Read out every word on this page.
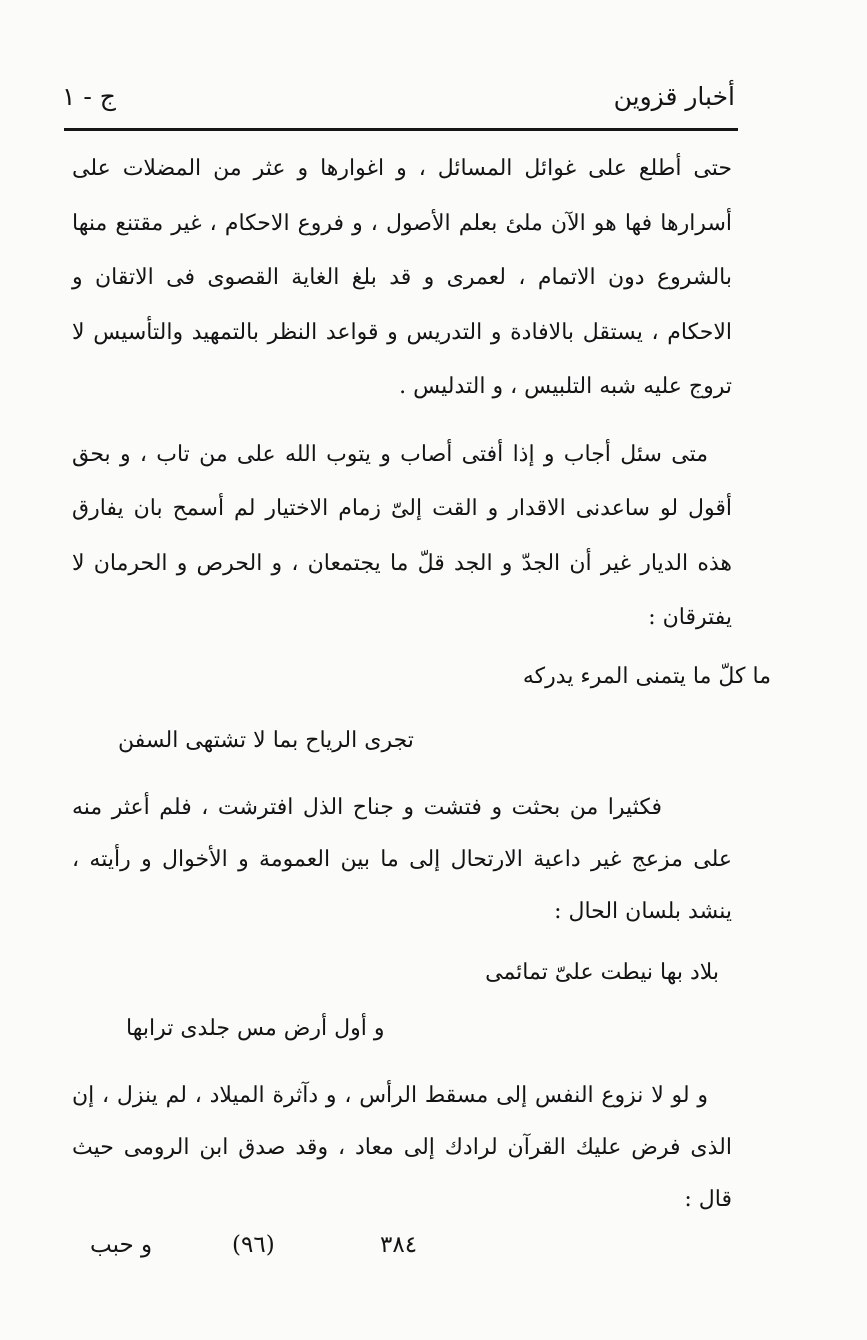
أخبار قزوين
ج - ١

حتى أطلع على غوائل المسائل ، و اغوارها و عثر من المضلات على أسرارها فها هو الآن ملئ بعلم الأصول ، و فروع الاحكام ، غير مقتنع منها بالشروع دون الاتمام ، لعمرى و قد بلغ الغاية القصوى فى الاتقان و الاحكام ، يستقل بالافادة و التدريس و قواعد النظر بالتمهيد والتأسيس لا تروج عليه شبه التلبيس ، و التدليس .

متى سئل أجاب و إذا أفتى أصاب و يتوب الله على من تاب ، و بحق أقول لو ساعدنى الاقدار و القت إلىّ زمام الاختيار لم أسمح بان يفارق هذه الديار غير أن الجدّ و الجد قلّ ما يجتمعان ، و الحرص و الحرمان لا يفترقان :

ما كلّ ما يتمنى المرء يدركه
تجرى الرياح بما لا تشتهى السفن

فكثيرا من بحثت و فتشت و جناح الذل افترشت ، فلم أعثر منه على مزعج غير داعية الارتحال إلى ما بين العمومة و الأخوال و رأيته ، ينشد بلسان الحال :

بلاد بها نيطت علىّ تمائمى
و أول أرض مس جلدى ترابها

و لو لا نزوع النفس إلى مسقط الرأس ، و دآثرة الميلاد ، لم ينزل ، إن الذى فرض عليك القرآن لرادك إلى معاد ، وقد صدق ابن الرومى حيث قال :

٣٨٤
(٩٦)
و حبب
